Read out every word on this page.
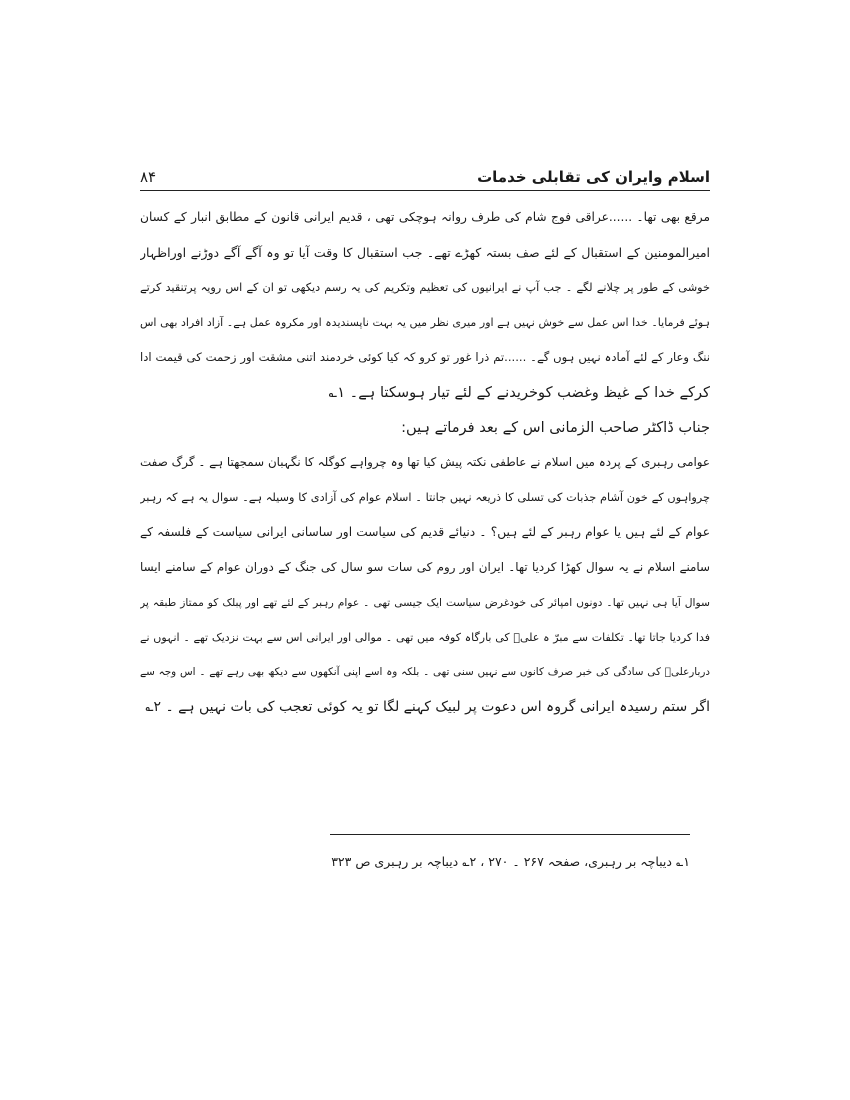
اسلام وایران کی تقابلی خدمات
۸۴
مرقع بھی تھا۔ ......عراقی فوج شام کی طرف روانہ ہوچکی تھی ، قدیم ایرانی قانون کے مطابق انبار کے کسان
امیرالمومنین کے استقبال کے لئے صف بستہ کھڑے تھے۔ جب استقبال کا وقت آیا تو وہ آگے آگے دوڑنے اوراظہار
خوشی کے طور پر چلانے لگے ۔ جب آپ نے ایرانیوں کی تعظیم وتکریم کی یہ رسم دیکھی تو ان کے اس رویہ پرتنقید کرتے
ہوئے فرمایا۔ خدا اس عمل سے خوش نہیں ہے اور میری نظر میں یہ بہت ناپسندیدہ اور مکروہ عمل ہے۔ آزاد افراد بھی اس
ننگ وعار کے لئے آمادہ نہیں ہوں گے۔ ......تم ذرا غور تو کرو کہ کیا کوئی خردمند اتنی مشقت اور زحمت کی قیمت ادا
کرکے خدا کے غیظ وغضب کوخریدنے کے لئے تیار ہوسکتا ہے۔ ۱؎
جناب ڈاکٹر صاحب الزمانی اس کے بعد فرماتے ہیں:
عوامی رہبری کے پردہ میں اسلام نے عاطفی نکتہ پیش کیا تھا وہ چرواہے کوگلہ کا نگہبان سمجھتا ہے ۔ گرگ صفت
چرواہوں کے خون آشام جذبات کی تسلی کا ذریعہ نہیں جانتا ۔ اسلام عوام کی آزادی کا وسیلہ ہے۔ سوال یہ ہے کہ رہبر
عوام کے لئے ہیں یا عوام رہبر کے لئے ہیں؟ ۔ دنیائے قدیم کی سیاست اور ساسانی ایرانی سیاست کے فلسفہ کے
سامنے اسلام نے یہ سوال کھڑا کردیا تھا۔ ایران اور روم کی سات سو سال کی جنگ کے دوران عوام کے سامنے ایسا
سوال آیا ہی نہیں تھا۔ دونوں امپائر کی خودغرض سیاست ایک جیسی تھی ۔ عوام رہبر کے لئے تھے اور پبلک کو ممتاز طبقہ پر
فدا کردیا جاتا تھا۔ تکلفات سے مبرّ ہ علیؑ کی بارگاہ کوفہ میں تھی ۔ موالی اور ایرانی اس سے بہت نزدیک تھے ۔ انہوں نے
دربارعلیؑ کی سادگی کی خبر صرف کانوں سے نہیں سنی تھی ۔ بلکہ وہ اسے اپنی آنکھوں سے دیکھ بھی رہے تھے ۔ اس وجہ سے
اگر ستم رسیدہ ایرانی گروہ اس دعوت پر لبیک کہنے لگا تو یہ کوئی تعجب کی بات نہیں ہے ۔ ۲؎
۱؎ دیباچہ بر رہبری، صفحہ ۲۶۷ ۔ ۲۷۰ ، ۲؎ دیباچہ بر رہبری ص ۳۲۳
